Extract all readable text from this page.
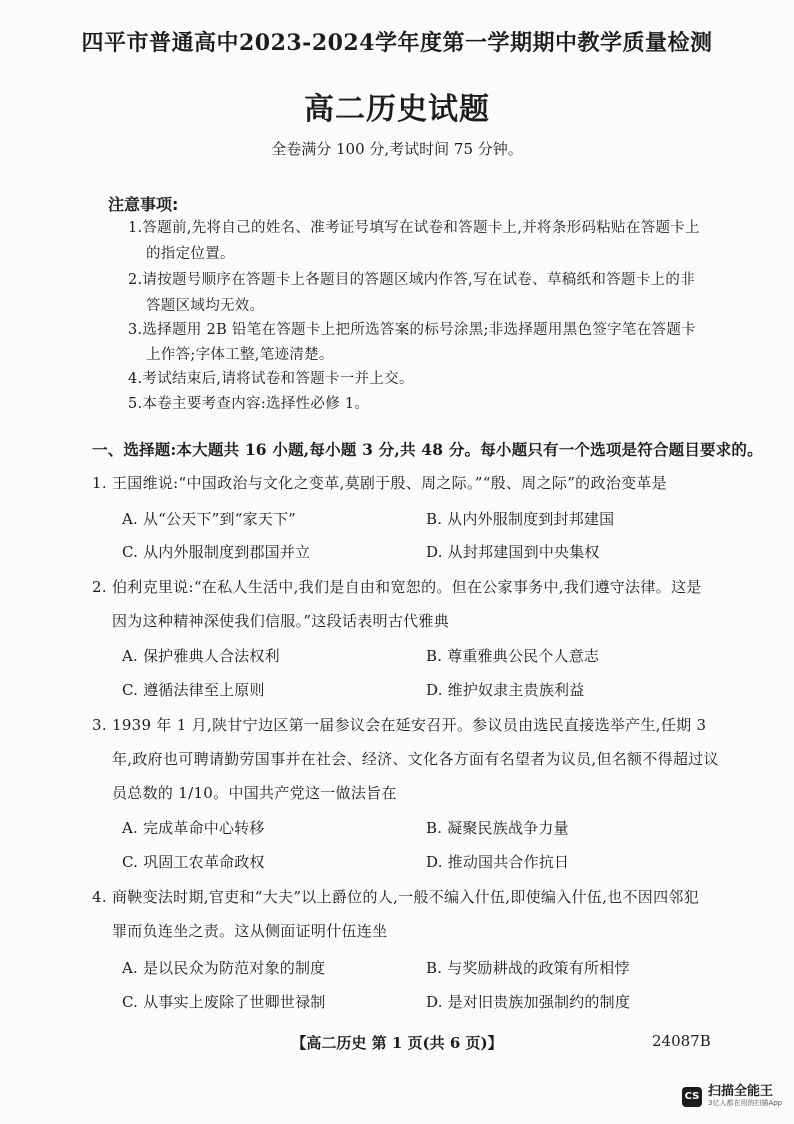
四平市普通高中2023-2024学年度第一学期期中教学质量检测
高二历史试题
全卷满分 100 分,考试时间 75 分钟。
注意事项:
1.答题前,先将自己的姓名、准考证号填写在试卷和答题卡上,并将条形码粘贴在答题卡上
的指定位置。
2.请按题号顺序在答题卡上各题目的答题区域内作答,写在试卷、草稿纸和答题卡上的非
答题区域均无效。
3.选择题用 2B 铅笔在答题卡上把所选答案的标号涂黑;非选择题用黑色签字笔在答题卡
上作答;字体工整,笔迹清楚。
4.考试结束后,请将试卷和答题卡一并上交。
5.本卷主要考查内容:选择性必修 1。
一、选择题:本大题共 16 小题,每小题 3 分,共 48 分。每小题只有一个选项是符合题目要求的。
1. 王国维说:“中国政治与文化之变革,莫剧于殷、周之际。”“殷、周之际”的政治变革是
A. 从“公天下”到“家天下”	B. 从内外服制度到封邦建国
C. 从内外服制度到郡国并立	D. 从封邦建国到中央集权
2. 伯利克里说:“在私人生活中,我们是自由和宽恕的。但在公家事务中,我们遵守法律。这是
因为这种精神深使我们信服。”这段话表明古代雅典
A. 保护雅典人合法权利	B. 尊重雅典公民个人意志
C. 遵循法律至上原则	D. 维护奴隶主贵族利益
3. 1939 年 1 月,陕甘宁边区第一届参议会在延安召开。参议员由选民直接选举产生,任期 3
年,政府也可聘请勤劳国事并在社会、经济、文化各方面有名望者为议员,但名额不得超过议
员总数的 1/10。中国共产党这一做法旨在
A. 完成革命中心转移	B. 凝聚民族战争力量
C. 巩固工农革命政权	D. 推动国共合作抗日
4. 商鞅变法时期,官吏和“大夫”以上爵位的人,一般不编入什伍,即使编入什伍,也不因四邻犯
罪而负连坐之责。这从侧面证明什伍连坐
A. 是以民众为防范对象的制度	B. 与奖励耕战的政策有所相悖
C. 从事实上废除了世卿世禄制	D. 是对旧贵族加强制约的制度
【高二历史 第 1 页(共 6 页)】	24087B
CS 扫描全能王
3亿人都在用的扫描App
